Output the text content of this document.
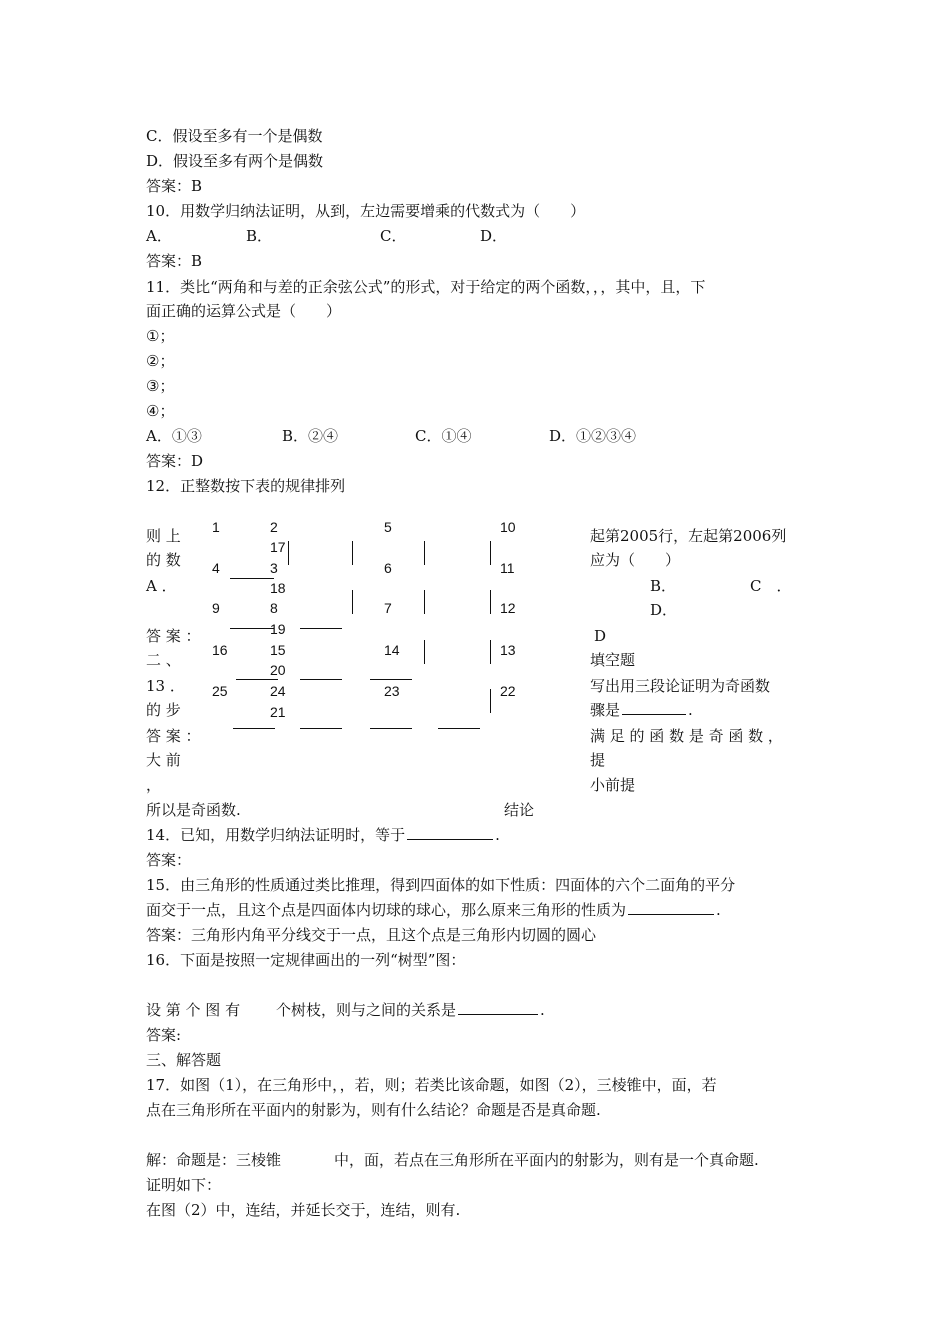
C．假设至多有一个是偶数
D．假设至多有两个是偶数
答案：B
10．用数学归纳法证明，从到，左边需要增乘的代数式为（　　）
A．	B．	C．	D．
答案：B
11．类比“两角和与差的正余弦公式”的形式，对于给定的两个函数，，，其中，且，下
面正确的运算公式是（　　）
①；
②；
③；
④；
A．①③	B．②④	C．①④	D．①②③④
答案：D
12．正整数按下表的规律排列
则 上
的 数
A ．
答 案 ：
二 、
13 ．
的 步
答 案 ：
大 前
，
1	2	5	10
17
4	3	6	11
18
9	8	7	12
19
16	15	14	13
20
25	24	23	22
21
起第2005行，左起第2006列
应为（　　）
B．	C　．
D．
D
填空题
写出用三段论证明为奇函数
骤是	.
满 足 的 函 数 是 奇 函 数 ，
提
小前提
所以是奇函数.	结论
14．已知，用数学归纳法证明时，等于	.
答案：
15．由三角形的性质通过类比推理，得到四面体的如下性质：四面体的六个二面角的平分
面交于一点，且这个点是四面体内切球的球心，那么原来三角形的性质为	.
答案：三角形内角平分线交于一点，且这个点是三角形内切圆的圆心
16．下面是按照一定规律画出的一列“树型”图：
设 第 个 图 有 个树枝，则与之间的关系是	.
答案:
三、解答题
17．如图（1），在三角形中，，若，则；若类比该命题，如图（2），三棱锥中，面，若
点在三角形所在平面内的射影为，则有什么结论？命题是否是真命题.
解：命题是：三棱锥	中，面，若点在三角形所在平面内的射影为，则有是一个真命题.
证明如下：
在图（2）中，连结，并延长交于，连结，则有.
